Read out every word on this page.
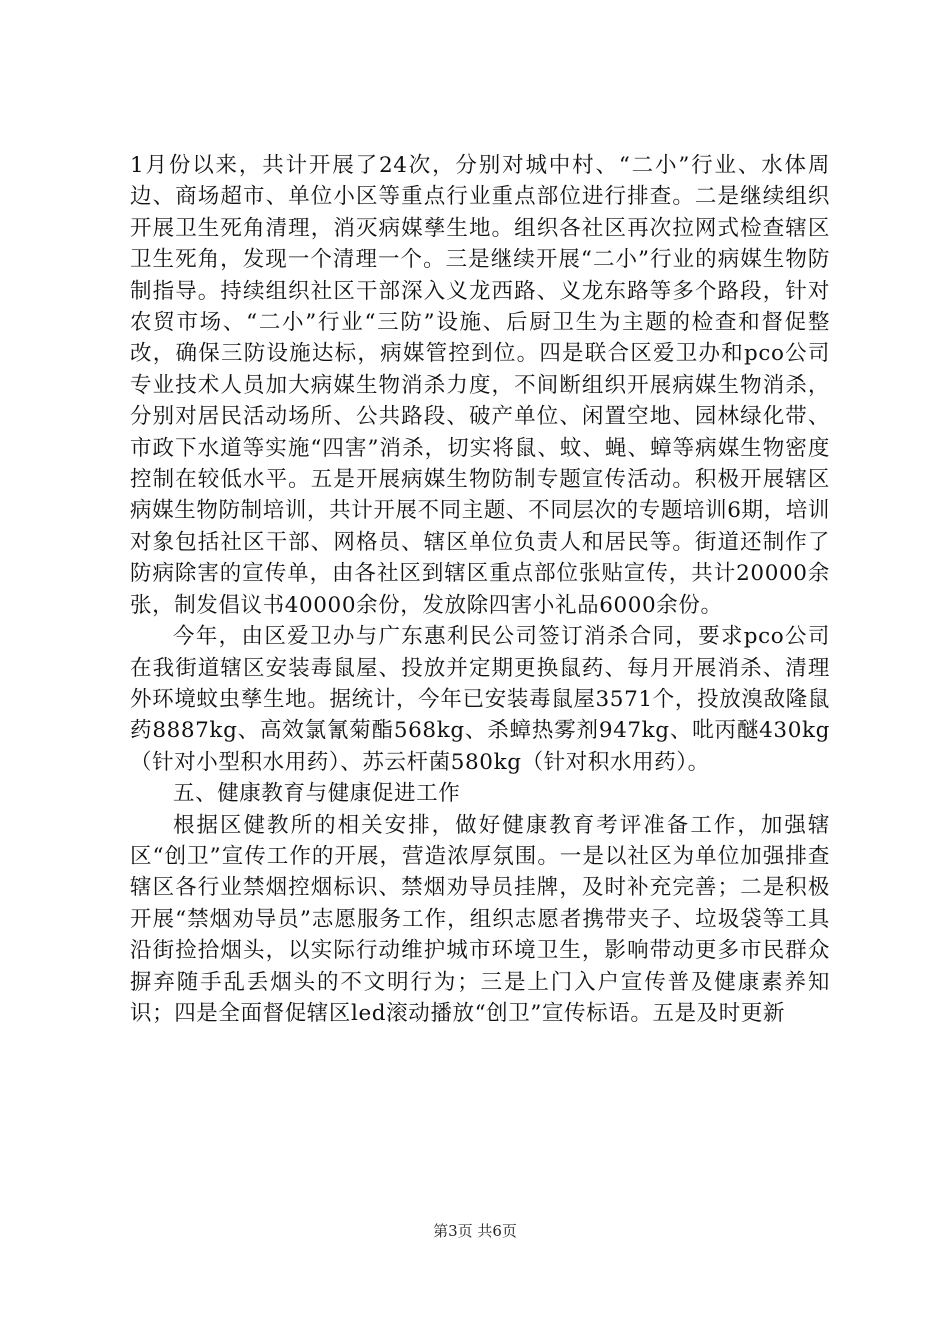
1月份以来，共计开展了24次，分别对城中村、“二小”行业、水体周边、商场超市、单位小区等重点行业重点部位进行排查。二是继续组织开展卫生死角清理，消灭病媒孳生地。组织各社区再次拉网式检查辖区卫生死角，发现一个清理一个。三是继续开展“二小”行业的病媒生物防制指导。持续组织社区干部深入义龙西路、义龙东路等多个路段，针对农贸市场、“二小”行业“三防”设施、后厨卫生为主题的检查和督促整改，确保三防设施达标，病媒管控到位。四是联合区爱卫办和pco公司专业技术人员加大病媒生物消杀力度，不间断组织开展病媒生物消杀，分别对居民活动场所、公共路段、破产单位、闲置空地、园林绿化带、市政下水道等实施“四害”消杀，切实将鼠、蚊、蝇、蟑等病媒生物密度控制在较低水平。五是开展病媒生物防制专题宣传活动。积极开展辖区病媒生物防制培训，共计开展不同主题、不同层次的专题培训6期，培训对象包括社区干部、网格员、辖区单位负责人和居民等。街道还制作了防病除害的宣传单，由各社区到辖区重点部位张贴宣传，共计20000余张，制发倡议书40000余份，发放除四害小礼品6000余份。

今年，由区爱卫办与广东惠利民公司签订消杀合同，要求pco公司在我街道辖区安装毒鼠屋、投放并定期更换鼠药、每月开展消杀、清理外环境蚊虫孳生地。据统计，今年已安装毒鼠屋3571个，投放溴敌隆鼠药8887kg、高效氯氰菊酯568kg、杀蟑热雾剂947kg、吡丙醚430kg（针对小型积水用药）、苏云杆菌580kg（针对积水用药）。

五、健康教育与健康促进工作

根据区健教所的相关安排，做好健康教育考评准备工作，加强辖区“创卫”宣传工作的开展，营造浓厚氛围。一是以社区为单位加强排查辖区各行业禁烟控烟标识、禁烟劝导员挂牌，及时补充完善；二是积极开展“禁烟劝导员”志愿服务工作，组织志愿者携带夹子、垃圾袋等工具沿街捡拾烟头，以实际行动维护城市环境卫生，影响带动更多市民群众摒弃随手乱丢烟头的不文明行为；三是上门入户宣传普及健康素养知识；四是全面督促辖区led滚动播放“创卫”宣传标语。五是及时更新

第3页 共6页
